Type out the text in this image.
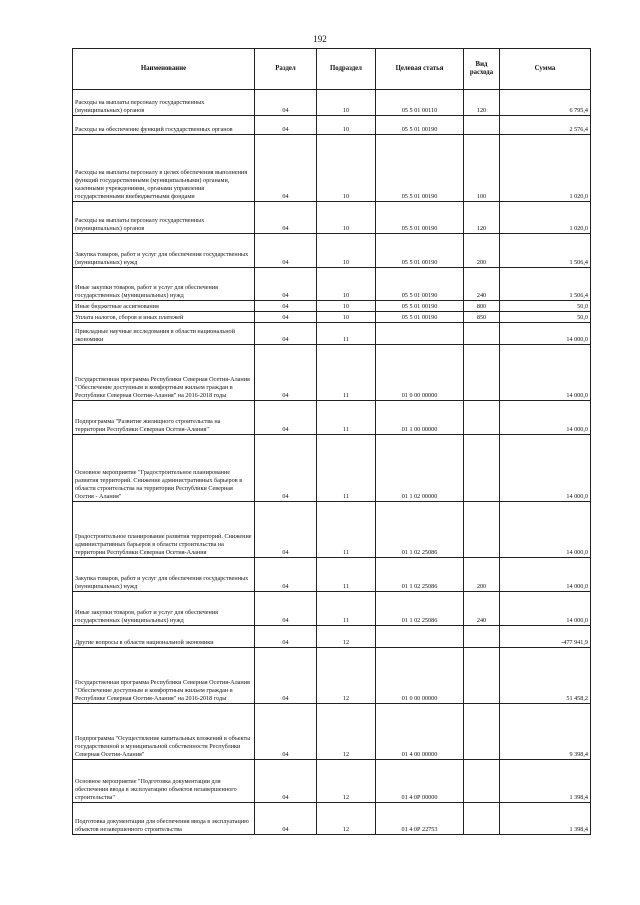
192
Наименование	Раздел	Подраздел	Целевая статья	Вид расхода	Сумма
Расходы на выплаты персоналу государственных (муниципальных) органов	04	10	05 5 01 00110	120	6 795,4
Расходы на обеспечение функций государственных органов	04	10	05 5 01 00190		2 576,4
Расходы на выплаты персоналу в целях обеспечения выполнения функций государственными (муниципальными) органами, казенными учреждениями, органами управления государственными внебюджетными фондами	04	10	05 5 01 00190	100	1 020,0
Расходы на выплаты персоналу государственных (муниципальных) органов	04	10	05 5 01 00190	120	1 020,0
Закупка товаров, работ и услуг для обеспечения государственных (муниципальных) нужд	04	10	05 5 01 00190	200	1 506,4
Иные закупки товаров, работ и услуг для обеспечения государственных (муниципальных) нужд	04	10	05 5 01 00190	240	1 506,4
Иные бюджетные ассигнования	04	10	05 5 01 00190	800	50,0
Уплата налогов, сборов и иных платежей	04	10	05 5 01 00190	850	50,0
Прикладные научные исследования в области национальной экономики	04	11			14 000,0
Государственная программа Республики Северная Осетия-Алания "Обеспечение доступным и комфортным жильем граждан в Республике Северная Осетия-Алания" на 2016-2018 годы	04	11	01 0 00 00000		14 000,0
Подпрограмма "Развитие жилищного строительства на территории Республики Северная Осетия-Алания"	04	11	01 1 00 00000		14 000,0
Основное мероприятие "Градостроительное планирование развития территорий. Снижение административных барьеров в области строительства на территории Республики Северная Осетия - Алания"	04	11	01 1 02 00000		14 000,0
Градостроительное планирование развития территорий. Снижение административных барьеров в области строительства на территории Республики Северная Осетия-Алания	04	11	01 1 02 25086		14 000,0
Закупка товаров, работ и услуг для обеспечения государственных (муниципальных) нужд	04	11	01 1 02 25086	200	14 000,0
Иные закупки товаров, работ и услуг для обеспечения государственных (муниципальных) нужд	04	11	01 1 02 25086	240	14 000,0
Другие вопросы в области национальной экономики	04	12			-477 941,9
Государственная программа Республики Северная Осетия-Алания "Обеспечение доступным и комфортным жильем граждан в Республике Северная Осетия-Алания" на 2016-2018 годы	04	12	01 0 00 00000		51 458,2
Подпрограмма "Осуществление капитальных вложений в объекты государственной и муниципальной собственности Республики Северная Осетия-Алания"	04	12	01 4 00 00000		9 398,4
Основное мероприятие "Подготовка документации для обеспечения ввода в эксплуатацию объектов незавершенного строительства"	04	12	01 4 0Р 00000		1 398,4
Подготовка документации для обеспечения ввода в эксплуатацию объектов незавершенного строительства	04	12	01 4 0Р 22753		1 398,4
